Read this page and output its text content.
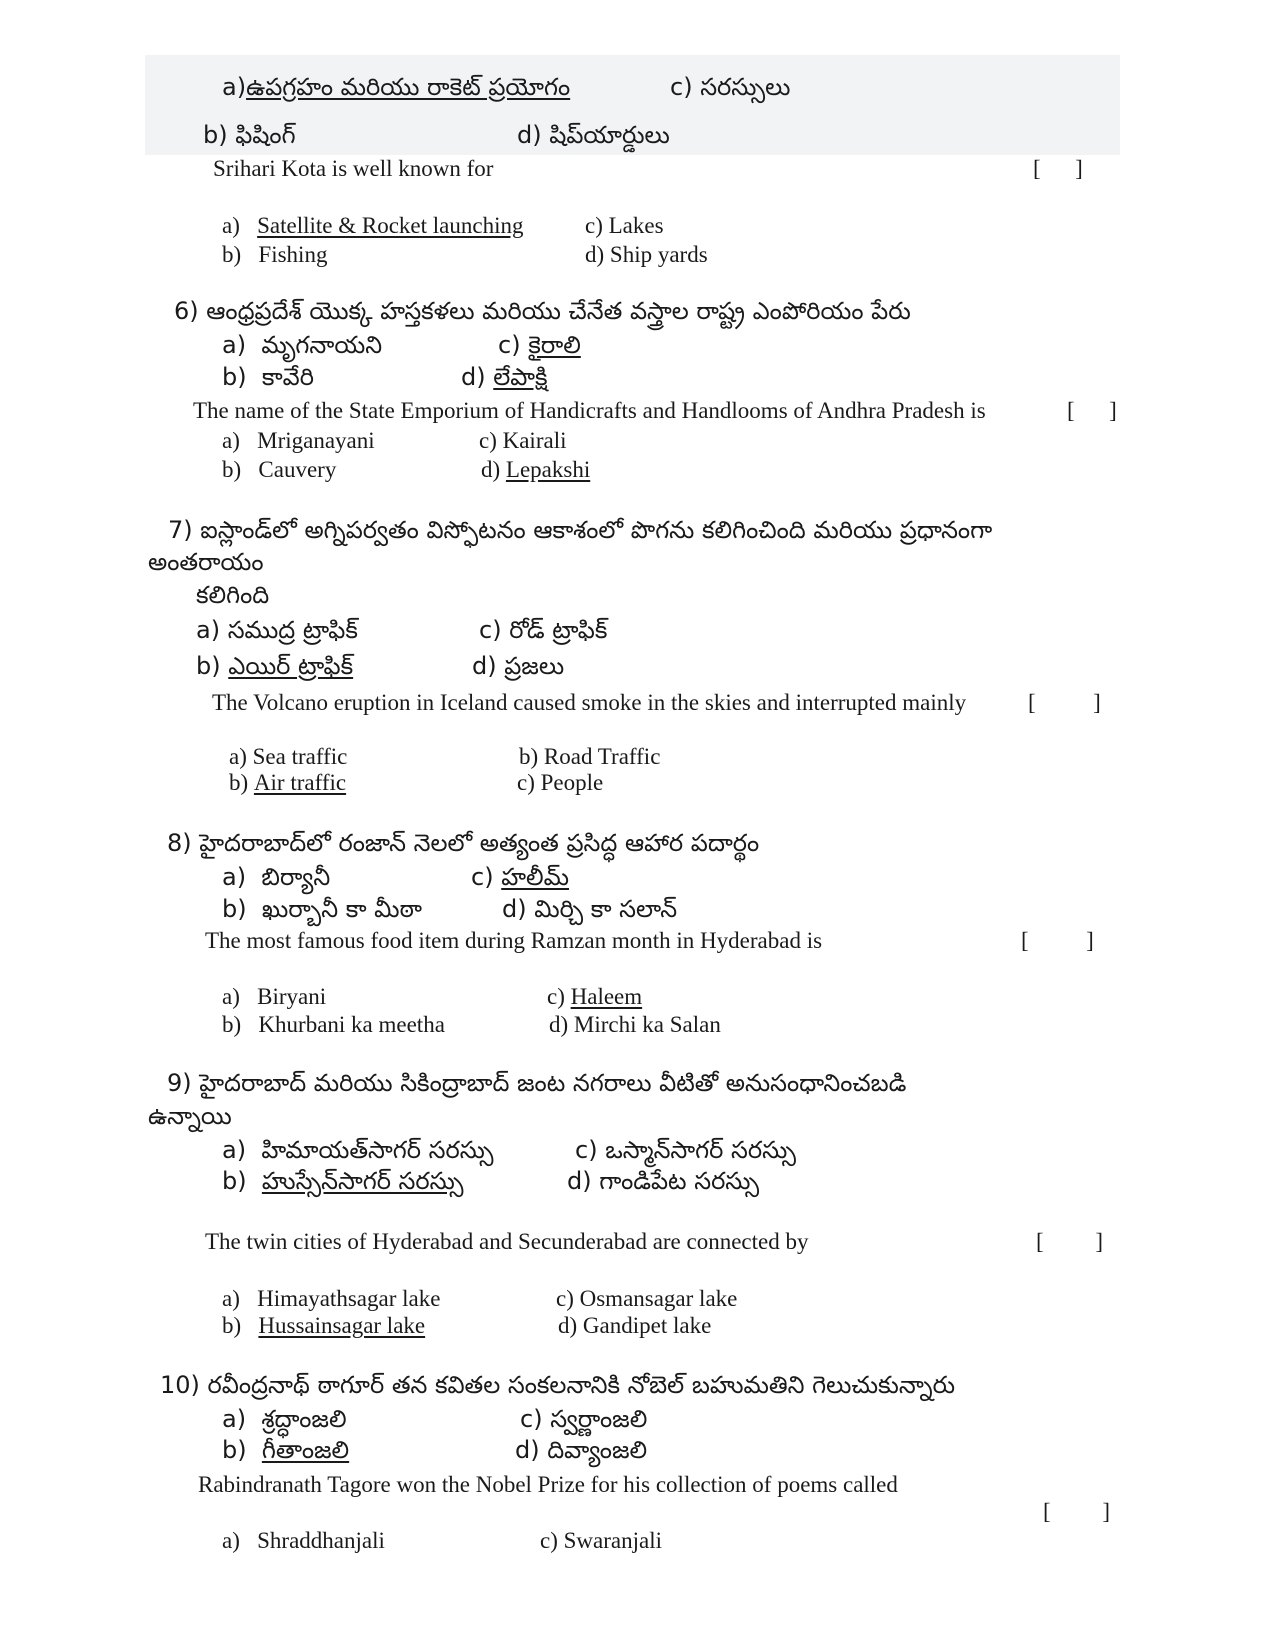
a)ఉపగ్రహం మరియు రాకెట్ ప్రయోగం	c) సరస్సులు
b) ఫిషింగ్	d) షిప్‌యార్డులు
Srihari Kota is well known for	[      ]
a) Satellite & Rocket launching	c) Lakes
b) Fishing	d) Ship yards
6) ఆంధ్రప్రదేశ్ యొక్క హస్తకళలు మరియు చేనేత వస్త్రాల రాష్ట్ర ఎంపోరియం పేరు
a) మృగనాయని	c) కైరాలి
b) కావేరి	d) లేపాక్షి
The name of the State Emporium of Handicrafts and Handlooms of Andhra Pradesh is	[      ]
a) Mriganayani	c) Kairali
b) Cauvery	d) Lepakshi
7) ఐస్లాండ్‌లో అగ్నిపర్వతం విస్ఫోటనం ఆకాశంలో పొగను కలిగించింది మరియు ప్రధానంగా
అంతరాయం
కలిగింది
a) సముద్ర ట్రాఫిక్	c) రోడ్ ట్రాఫిక్
b) ఎయిర్ ట్రాఫిక్	d) ప్రజలు
The Volcano eruption in Iceland caused smoke in the skies and interrupted mainly	[          ]
a) Sea traffic	b) Road Traffic
b) Air traffic	c) People
8) హైదరాబాద్‌లో రంజాన్ నెలలో అత్యంత ప్రసిద్ధ ఆహార పదార్థం
a) బిర్యానీ	c) హలీమ్
b) ఖుర్బానీ కా మీఠా	d) మిర్చి కా సలాన్
The most famous food item during Ramzan month in Hyderabad is	[          ]
a) Biryani	c) Haleem
b) Khurbani ka meetha	d) Mirchi ka Salan
9) హైదరాబాద్ మరియు సికింద్రాబాద్ జంట నగరాలు వీటితో అనుసంధానించబడి
ఉన్నాయి
a) హిమాయత్‌సాగర్ సరస్సు	c) ఒస్మాన్‌సాగర్ సరస్సు
b) హుస్సేన్‌సాగర్ సరస్సు	d) గాండిపేట సరస్సు
The twin cities of Hyderabad and Secunderabad are connected by	[         ]
a) Himayathsagar lake	c) Osmansagar lake
b) Hussainsagar lake	d) Gandipet lake
10) రవీంద్రనాథ్ ఠాగూర్ తన కవితల సంకలనానికి నోబెల్ బహుమతిని గెలుచుకున్నారు
a) శ్రద్ధాంజలి	c) స్వర్ణాంజలి
b) గీతాంజలి	d) దివ్యాంజలి
Rabindranath Tagore won the Nobel Prize for his collection of poems called
[         ]
a) Shraddhanjali	c) Swaranjali
